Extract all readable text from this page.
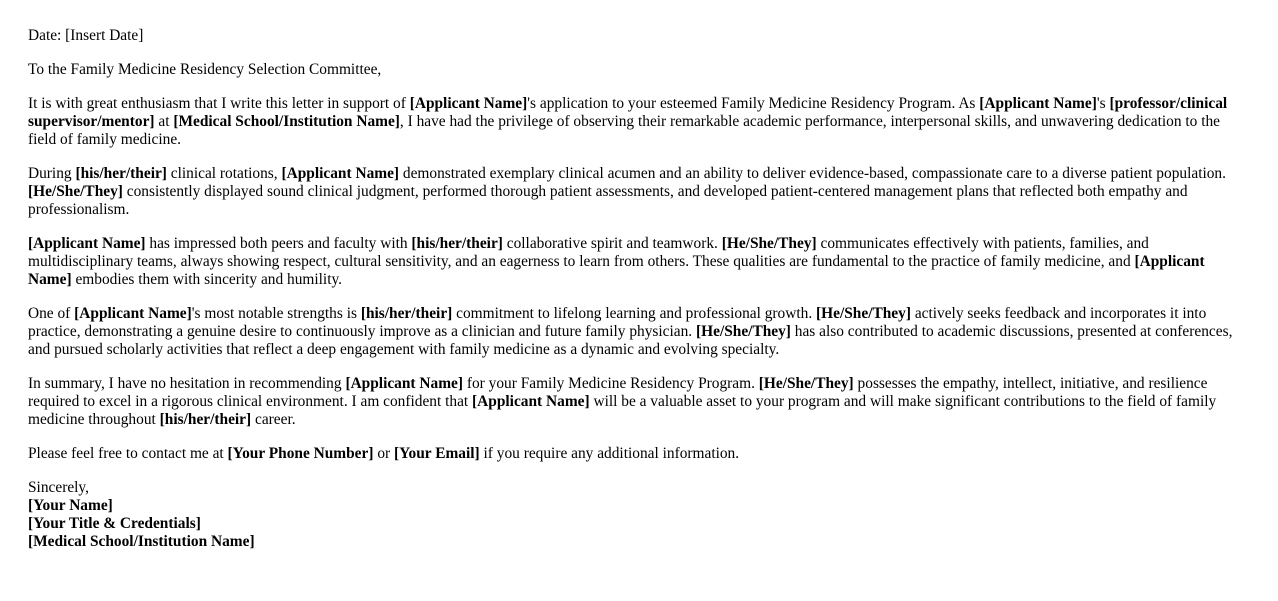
Date: [Insert Date]

To the Family Medicine Residency Selection Committee,

It is with great enthusiasm that I write this letter in support of [Applicant Name]'s application to your esteemed Family Medicine Residency Program. As [Applicant Name]'s [professor/clinical supervisor/mentor] at [Medical School/Institution Name], I have had the privilege of observing their remarkable academic performance, interpersonal skills, and unwavering dedication to the field of family medicine.

During [his/her/their] clinical rotations, [Applicant Name] demonstrated exemplary clinical acumen and an ability to deliver evidence-based, compassionate care to a diverse patient population. [He/She/They] consistently displayed sound clinical judgment, performed thorough patient assessments, and developed patient-centered management plans that reflected both empathy and professionalism.

[Applicant Name] has impressed both peers and faculty with [his/her/their] collaborative spirit and teamwork. [He/She/They] communicates effectively with patients, families, and multidisciplinary teams, always showing respect, cultural sensitivity, and an eagerness to learn from others. These qualities are fundamental to the practice of family medicine, and [Applicant Name] embodies them with sincerity and humility.

One of [Applicant Name]'s most notable strengths is [his/her/their] commitment to lifelong learning and professional growth. [He/She/They] actively seeks feedback and incorporates it into practice, demonstrating a genuine desire to continuously improve as a clinician and future family physician. [He/She/They] has also contributed to academic discussions, presented at conferences, and pursued scholarly activities that reflect a deep engagement with family medicine as a dynamic and evolving specialty.

In summary, I have no hesitation in recommending [Applicant Name] for your Family Medicine Residency Program. [He/She/They] possesses the empathy, intellect, initiative, and resilience required to excel in a rigorous clinical environment. I am confident that [Applicant Name] will be a valuable asset to your program and will make significant contributions to the field of family medicine throughout [his/her/their] career.

Please feel free to contact me at [Your Phone Number] or [Your Email] if you require any additional information.

Sincerely,

[Your Name]
[Your Title & Credentials]
[Medical School/Institution Name]
